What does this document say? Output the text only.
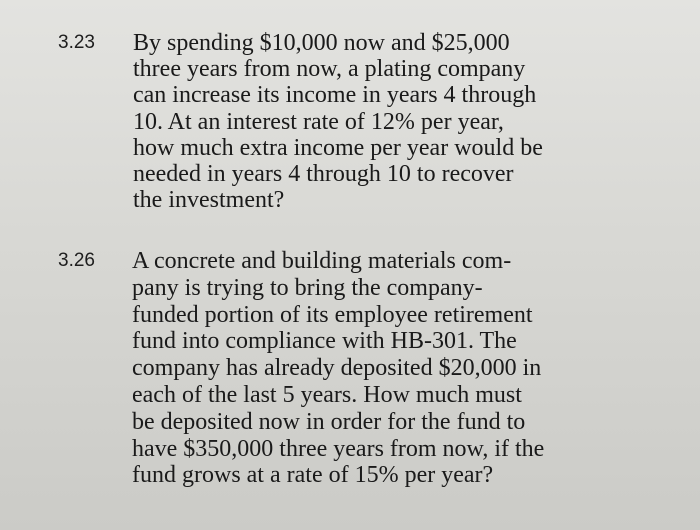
3.23 By spending $10,000 now and $25,000
three years from now, a plating company
can increase its income in years 4 through
10. At an interest rate of 12% per year,
how much extra income per year would be
needed in years 4 through 10 to recover
the investment?
3.26 A concrete and building materials com-
pany is trying to bring the company-
funded portion of its employee retirement
fund into compliance with HB-301. The
company has already deposited $20,000 in
each of the last 5 years. How much must
be deposited now in order for the fund to
have $350,000 three years from now, if the
fund grows at a rate of 15% per year?
